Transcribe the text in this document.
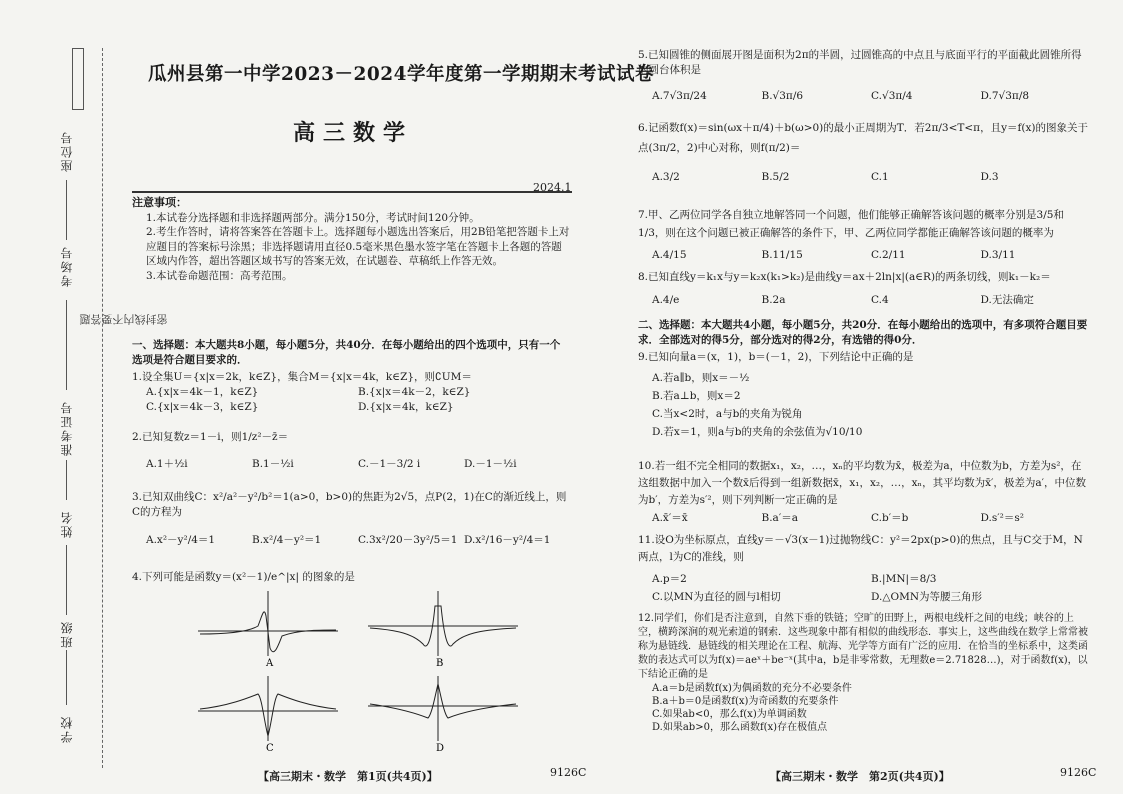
座位号
考场号
准考证号
姓名
班级
学校
题
答
要
不
内
线
封
密
瓜州县第一中学2023－2024学年度第一学期期末考试试卷
高三数学
2024.1
注意事项：

1.本试卷分选择题和非选择题两部分。满分150分，考试时间120分钟。

2.考生作答时，请将答案答在答题卡上。选择题每小题选出答案后，用2B铅笔把答题卡上对应题目的答案标号涂黑；非选择题请用直径0.5毫米黑色墨水签字笔在答题卡上各题的答题区域内作答，超出答题区域书写的答案无效，在试题卷、草稿纸上作答无效。

3.本试卷命题范围：高考范围。

一、选择题：本大题共8小题，每小题5分，共40分．在每小题给出的四个选项中，只有一个选项是符合题目要求的．

1.设全集U＝{x|x＝2k，k∈Z}，集合M＝{x|x＝4k，k∈Z}，则∁UM＝

A.{x|x＝4k－1，k∈Z}	B.{x|x＝4k－2，k∈Z}
C.{x|x＝4k－3，k∈Z}	D.{x|x＝4k，k∈Z}

2.已知复数z＝1－i，则1/z²－z̄＝

A.1＋½i	B.1－½i	C.－1－3/2 i	D.－1－½i

3.已知双曲线C：x²/a²－y²/b²＝1(a>0，b>0)的焦距为2√5，点P(2，1)在C的渐近线上，则C的方程为

A.x²－y²/4＝1	B.x²/4－y²＝1	C.3x²/20－3y²/5＝1 D.x²/16－y²/4＝1

4.下列可能是函数y＝(x²－1)/e^|x| 的图象的是

A	B
C	D
【高三期末・数学　第1页(共4页)】	9126C

5.已知圆锥的侧面展开图是面积为2π的半圆，过圆锥高的中点且与底面平行的平面截此圆锥所得的圆台体积是

A.7√3π/24	B.√3π/6	C.√3π/4	D.7√3π/8

6.记函数f(x)＝sin(ωx＋π/4)＋b(ω>0)的最小正周期为T．若2π/3<T<π，且y＝f(x)的图象关于点(3π/2，2)中心对称，则f(π/2)＝

A.3/2	B.5/2	C.1	D.3

7.甲、乙两位同学各自独立地解答同一个问题，他们能够正确解答该问题的概率分别是3/5和1/3，则在这个问题已被正确解答的条件下，甲、乙两位同学都能正确解答该问题的概率为

A.4/15	B.11/15	C.2/11	D.3/11

8.已知直线y＝k₁x与y＝k₂x(k₁>k₂)是曲线y＝ax＋2ln|x|(a∈R)的两条切线，则k₁－k₂＝

A.4/e	B.2a	C.4	D.无法确定

二、选择题：本大题共4小题，每小题5分，共20分．在每小题给出的选项中，有多项符合题目要求．全部选对的得5分，部分选对的得2分，有选错的得0分．

9.已知向量a＝(x，1)，b＝(－1，2)，下列结论中正确的是

A.若a∥b，则x＝－½
B.若a⊥b，则x＝2
C.当x<2时，a与b的夹角为锐角
D.若x＝1，则a与b的夹角的余弦值为√10/10

10.若一组不完全相同的数据x₁，x₂，…，xₙ的平均数为x̄，极差为a，中位数为b，方差为s²，在这组数据中加入一个数x̄后得到一组新数据x̄，x₁，x₂，…，xₙ，其平均数为x̄′，极差为a′，中位数为b′，方差为s′²，则下列判断一定正确的是

A.x̄′＝x̄	B.a′＝a	C.b′＝b	D.s′²＝s²

11.设O为坐标原点，直线y＝－√3(x－1)过抛物线C：y²＝2px(p>0)的焦点，且与C交于M，N两点，l为C的准线，则

A.p＝2	B.|MN|＝8/3
C.以MN为直径的圆与l相切	D.△OMN为等腰三角形

12.同学们，你们是否注意到，自然下垂的铁链；空旷的田野上，两根电线杆之间的电线；峡谷的上空，横跨深涧的观光索道的钢索．这些现象中都有相似的曲线形态．事实上，这些曲线在数学上常常被称为悬链线．悬链线的相关理论在工程、航海、光学等方面有广泛的应用．在恰当的坐标系中，这类函数的表达式可以为f(x)＝aeˣ＋be⁻ˣ(其中a，b是非零常数，无理数e＝2.71828…)，对于函数f(x)，以下结论正确的是

A.a＝b是函数f(x)为偶函数的充分不必要条件
B.a＋b＝0是函数f(x)为奇函数的充要条件
C.如果ab<0，那么f(x)为单调函数
D.如果ab>0，那么函数f(x)存在极值点
【高三期末・数学　第2页(共4页)】	9126C
